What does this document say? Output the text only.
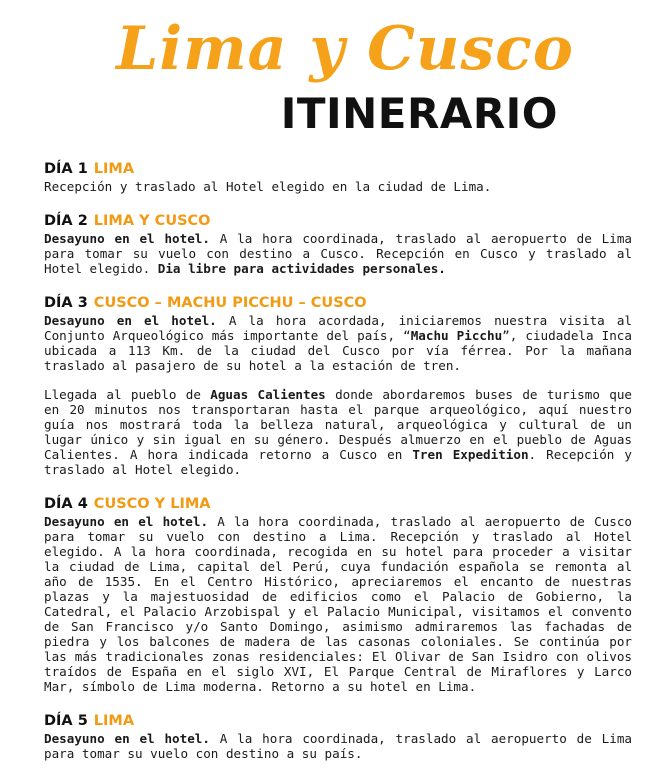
Lima y Cusco
ITINERARIO
DÍA 1 LIMA

Recepción y traslado al Hotel elegido en la ciudad de Lima.

DÍA 2 LIMA Y CUSCO

Desayuno en el hotel. A la hora coordinada, traslado al aeropuerto de Lima para tomar su vuelo con destino a Cusco. Recepción en Cusco y traslado al Hotel elegido. Dia libre para actividades personales.

DÍA 3 CUSCO – MACHU PICCHU – CUSCO

Desayuno en el hotel. A la hora acordada, iniciaremos nuestra visita al Conjunto Arqueológico más importante del país, “Machu Picchu”, ciudadela Inca ubicada a 113 Km. de la ciudad del Cusco por vía férrea. Por la mañana traslado al pasajero de su hotel a la estación de tren.

Llegada al pueblo de Aguas Calientes donde abordaremos buses de turismo que en 20 minutos nos transportaran hasta el parque arqueológico, aquí nuestro guía nos mostrará toda la belleza natural, arqueológica y cultural de un lugar único y sin igual en su género. Después almuerzo en el pueblo de Aguas Calientes. A hora indicada retorno a Cusco en Tren Expedition. Recepción y traslado al Hotel elegido.

DÍA 4 CUSCO Y LIMA

Desayuno en el hotel. A la hora coordinada, traslado al aeropuerto de Cusco para tomar su vuelo con destino a Lima. Recepción y traslado al Hotel elegido. A la hora coordinada, recogida en su hotel para proceder a visitar la ciudad de Lima, capital del Perú, cuya fundación española se remonta al año de 1535. En el Centro Histórico, apreciaremos el encanto de nuestras plazas y la majestuosidad de edificios como el Palacio de Gobierno, la Catedral, el Palacio Arzobispal y el Palacio Municipal, visitamos el convento de San Francisco y/o Santo Domingo, asimismo admiraremos las fachadas de piedra y los balcones de madera de las casonas coloniales. Se continúa por las más tradicionales zonas residenciales: El Olivar de San Isidro con olivos traídos de España en el siglo XVI, El Parque Central de Miraflores y Larco Mar, símbolo de Lima moderna. Retorno a su hotel en Lima.

DÍA 5 LIMA

Desayuno en el hotel. A la hora coordinada, traslado al aeropuerto de Lima para tomar su vuelo con destino a su país.
